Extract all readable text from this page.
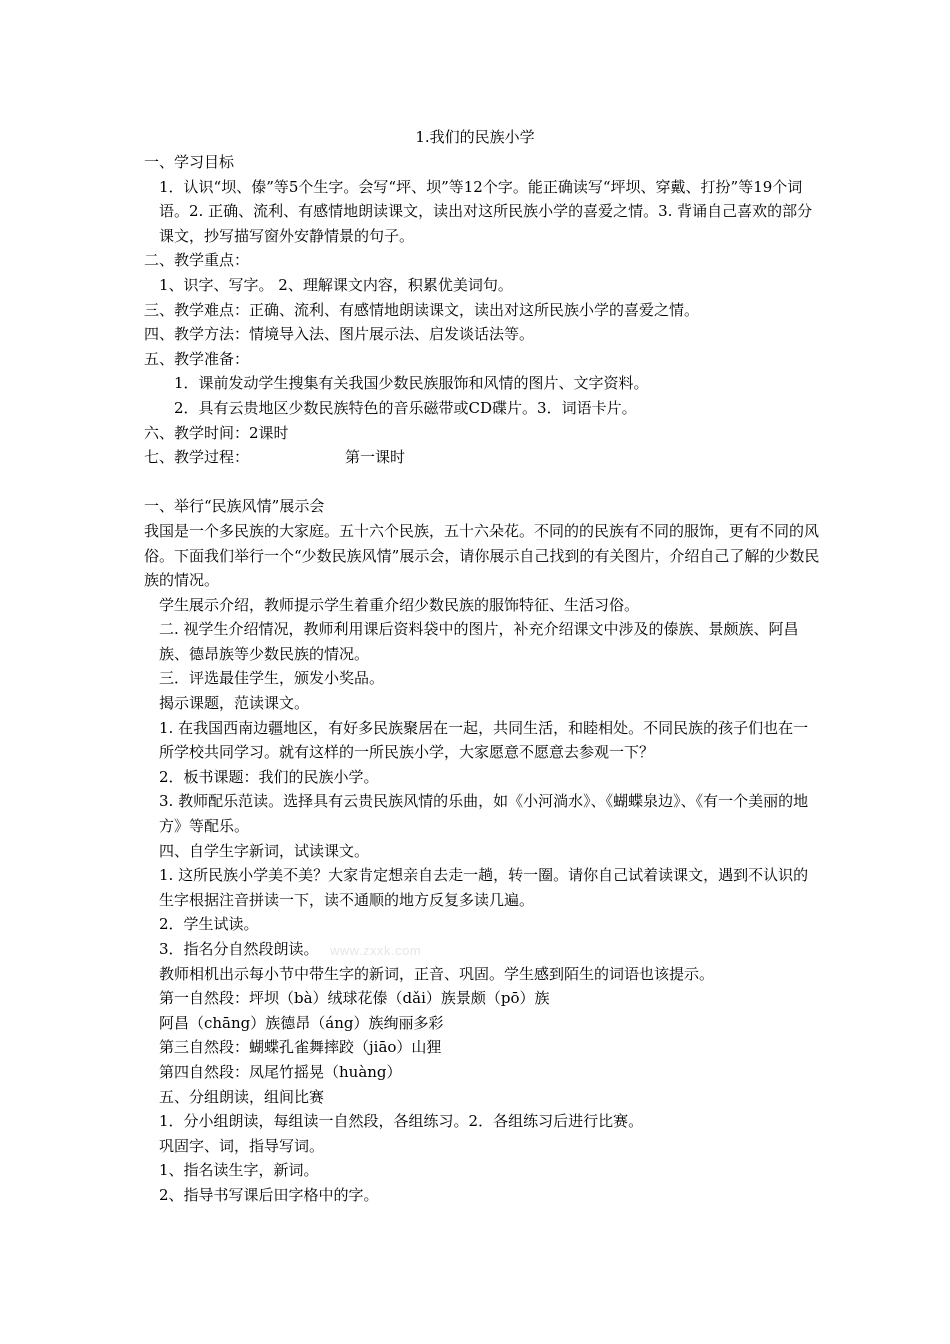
1.我们的民族小学

一、学习目标

1．认识“坝、傣”等5个生字。会写“坪、坝”等12个字。能正确读写“坪坝、穿戴、打扮”等19个词语。2. 正确、流利、有感情地朗读课文，读出对这所民族小学的喜爱之情。3. 背诵自己喜欢的部分课文，抄写描写窗外安静情景的句子。

二、教学重点：

1、识字、写字。 2、理解课文内容，积累优美词句。

三、教学难点：正确、流利、有感情地朗读课文，读出对这所民族小学的喜爱之情。

四、教学方法：情境导入法、图片展示法、启发谈话法等。

五、教学准备：

1．课前发动学生搜集有关我国少数民族服饰和风情的图片、文字资料。

2．具有云贵地区少数民族特色的音乐磁带或CD碟片。3．词语卡片。

六、教学时间：2课时

七、教学过程：	第一课时

一、举行“民族风情”展示会

我国是一个多民族的大家庭。五十六个民族，五十六朵花。不同的的民族有不同的服饰，更有不同的风俗。下面我们举行一个“少数民族风情”展示会，请你展示自己找到的有关图片，介绍自己了解的少数民族的情况。

学生展示介绍，教师提示学生着重介绍少数民族的服饰特征、生活习俗。

二. 视学生介绍情况，教师利用课后资料袋中的图片，补充介绍课文中涉及的傣族、景颇族、阿昌族、德昂族等少数民族的情况。

三．评选最佳学生，颁发小奖品。

揭示课题，范读课文。

1. 在我国西南边疆地区，有好多民族聚居在一起，共同生活，和睦相处。不同民族的孩子们也在一所学校共同学习。就有这样的一所民族小学，大家愿意不愿意去参观一下？

2．板书课题：我们的民族小学。

3. 教师配乐范读。选择具有云贵民族风情的乐曲，如《小河淌水》、《蝴蝶泉边》、《有一个美丽的地方》等配乐。

四、自学生字新词，试读课文。

1. 这所民族小学美不美？大家肯定想亲自去走一趟，转一圈。请你自己试着读课文，遇到不认识的生字根据注音拼读一下，读不通顺的地方反复多读几遍。

2．学生试读。

3．指名分自然段朗读。

教师相机出示每小节中带生字的新词，正音、巩固。学生感到陌生的词语也该提示。

第一自然段：坪坝（bà）绒球花傣（dǎi）族景颇（pō）族

阿昌（chāng）族德昂（áng）族绚丽多彩

第三自然段：蝴蝶孔雀舞摔跤（jiāo）山狸

第四自然段：凤尾竹摇晃（huàng）

五、分组朗读，组间比赛

1．分小组朗读，每组读一自然段，各组练习。2．各组练习后进行比赛。

巩固字、词，指导写词。

1、指名读生字，新词。

2、指导书写课后田字格中的字。

www.zxxk.com
